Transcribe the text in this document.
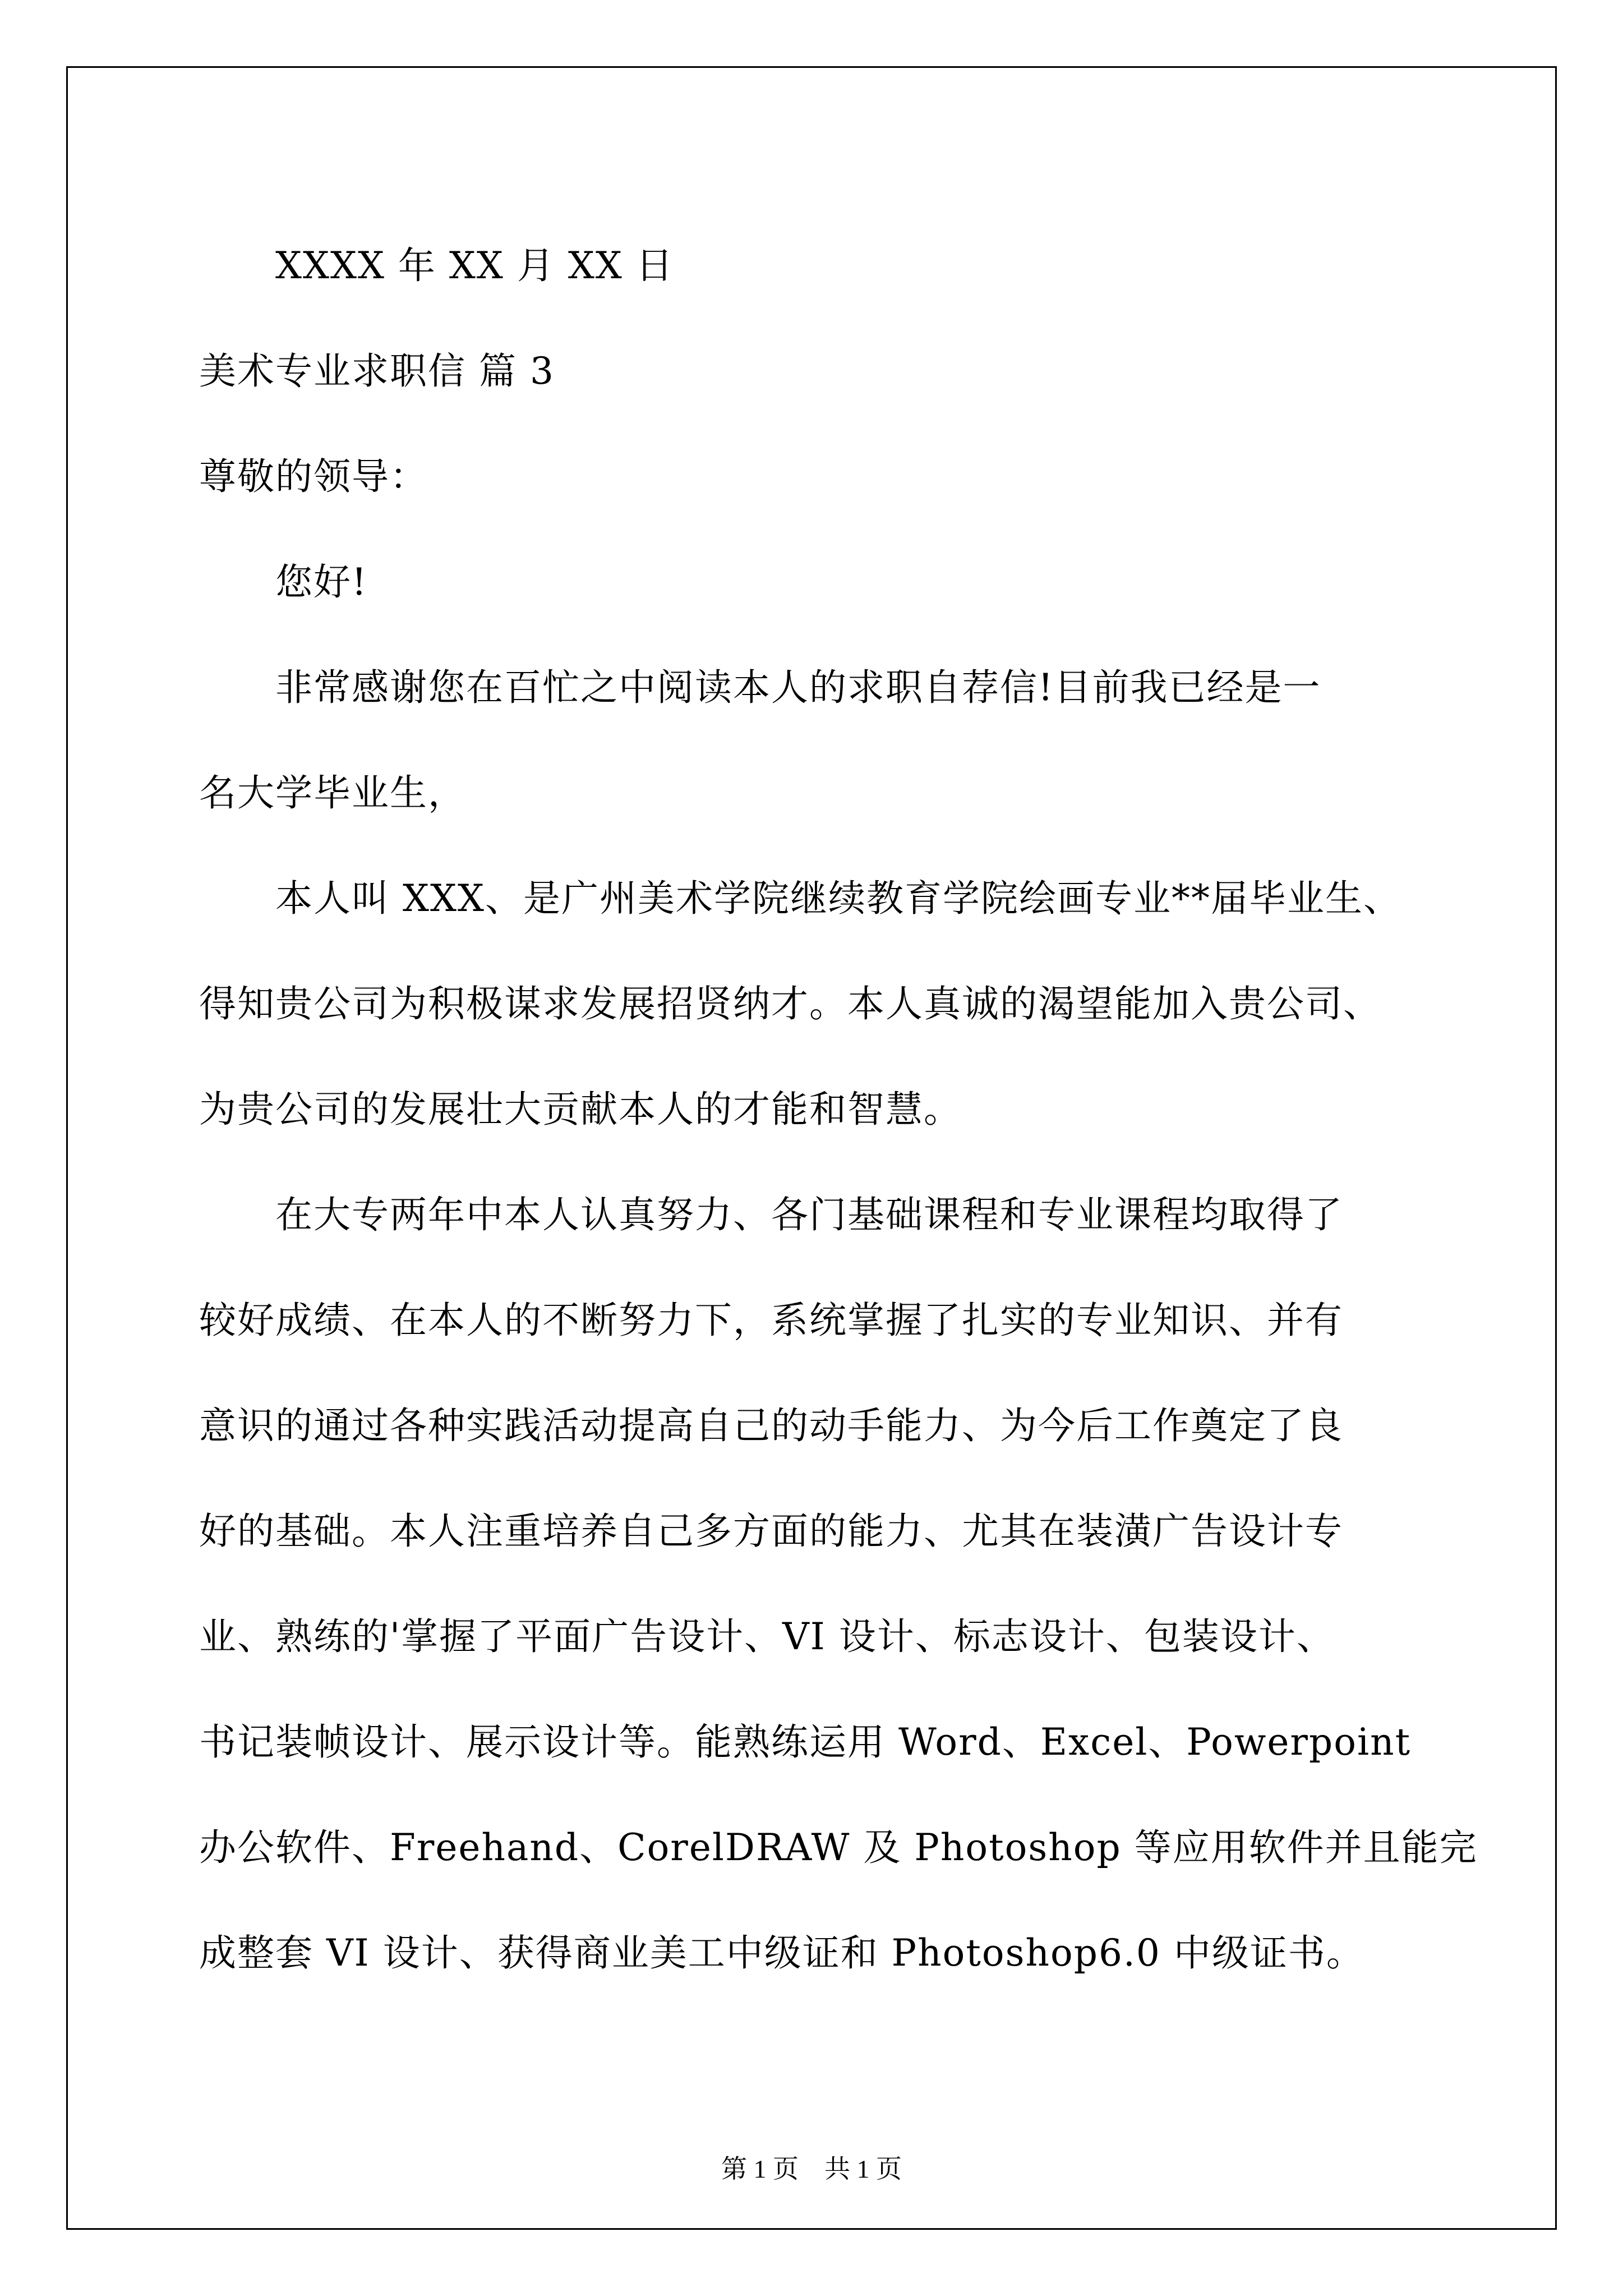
XXXX 年 XX 月 XX 日
美术专业求职信 篇 3
尊敬的领导：
您好!
非常感谢您在百忙之中阅读本人的求职自荐信!目前我已经是一
名大学毕业生，
本人叫 XXX、是广州美术学院继续教育学院绘画专业**届毕业生、
得知贵公司为积极谋求发展招贤纳才。本人真诚的渴望能加入贵公司、
为贵公司的发展壮大贡献本人的才能和智慧。
在大专两年中本人认真努力、各门基础课程和专业课程均取得了
较好成绩、在本人的不断努力下，系统掌握了扎实的专业知识、并有
意识的通过各种实践活动提高自己的动手能力、为今后工作奠定了良
好的基础。本人注重培养自己多方面的能力、尤其在装潢广告设计专
业、熟练的'掌握了平面广告设计、VI 设计、标志设计、包装设计、
书记装帧设计、展示设计等。能熟练运用 Word、Excel、Powerpoint
办公软件、Freehand、CorelDRAW 及 Photoshop 等应用软件并且能完
成整套 VI 设计、获得商业美工中级证和 Photoshop6.0 中级证书。
第 1 页　共 1 页
